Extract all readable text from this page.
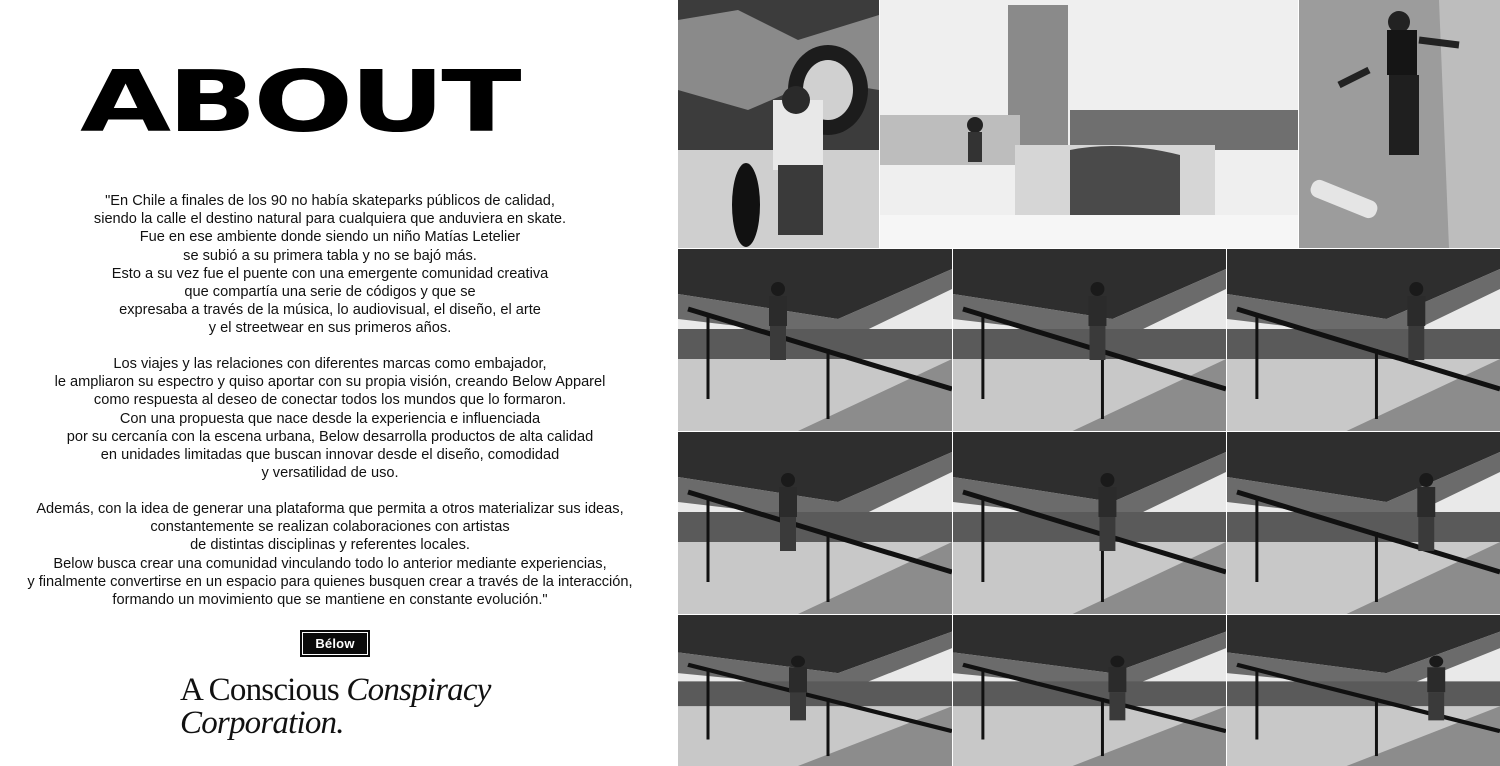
ABOUT
"En Chile a finales de los 90 no había skateparks públicos de calidad,
siendo la calle el destino natural para cualquiera que anduviera en skate.
Fue en ese ambiente donde siendo un niño Matías Letelier
se subió a su primera tabla y no se bajó más.
Esto a su vez fue el puente con una emergente comunidad creativa
que compartía una serie de códigos y que se
expresaba a través de la música, lo audiovisual, el diseño, el arte
y el streetwear en sus primeros años.
Los viajes y las relaciones con diferentes marcas como embajador,
le ampliaron su espectro y quiso aportar con su propia visión, creando Below Apparel
como respuesta al deseo de conectar todos los mundos que lo formaron.
Con una propuesta que nace desde la experiencia e influenciada
por su cercanía con la escena urbana, Below desarrolla productos de alta calidad
en unidades limitadas que buscan innovar desde el diseño, comodidad
y versatilidad de uso.
Además, con la idea de generar una plataforma que permita a otros materializar sus ideas,
constantemente se realizan colaboraciones con artistas
de distintas disciplinas y referentes locales.
Below busca crear una comunidad vinculando todo lo anterior mediante experiencias,
y finalmente convertirse en un espacio para quienes busquen crear a través de la interacción,
formando un movimiento que se mantiene en constante evolución."
Bélow
A Conscious Conspiracy
Corporation.
